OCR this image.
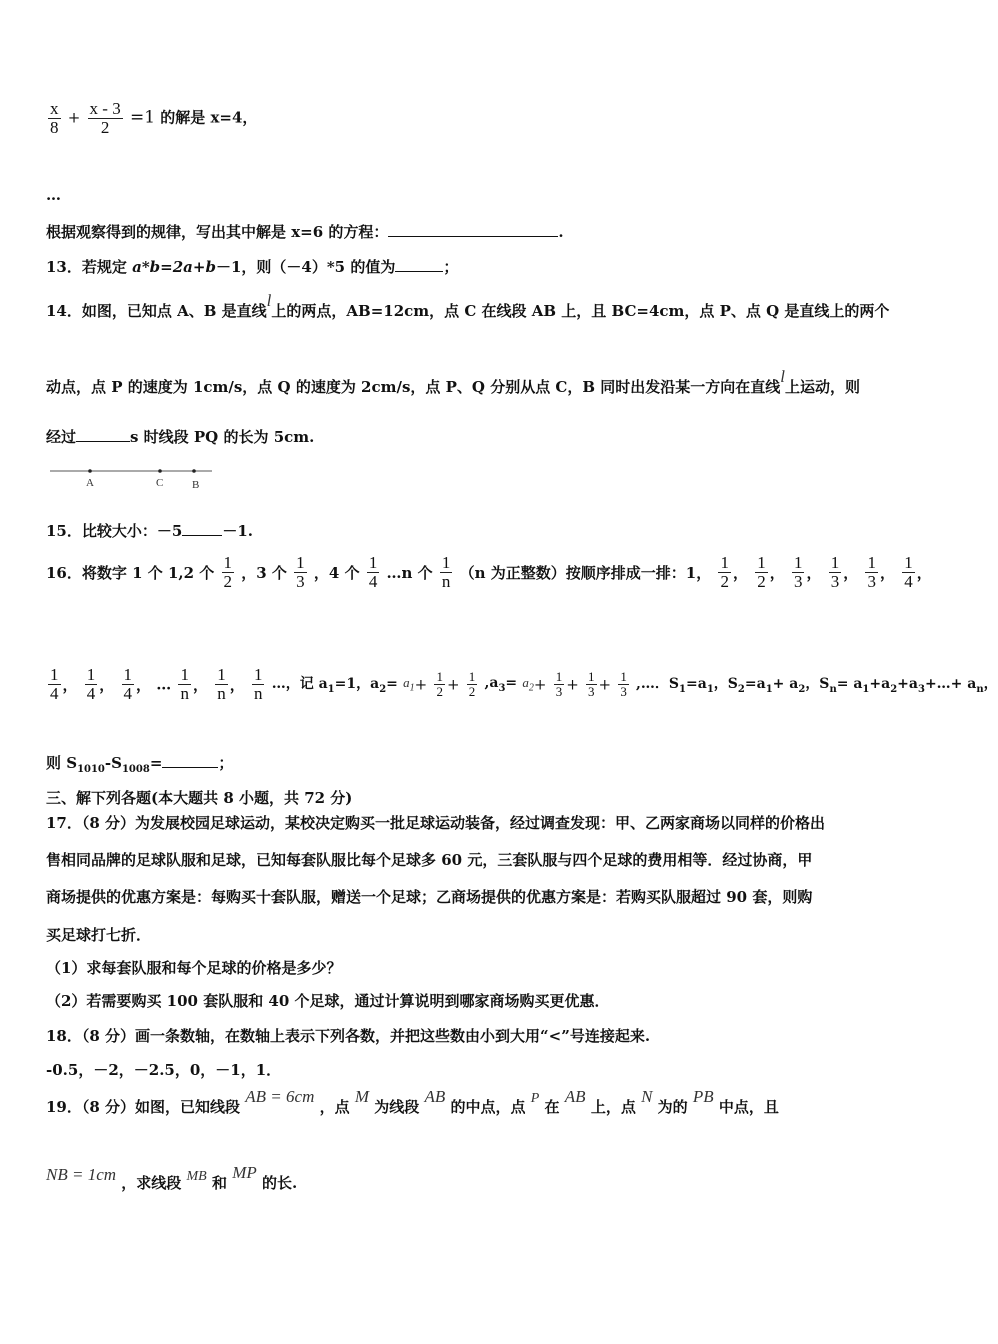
$\frac{x}{8} + \frac{x - 3}{2} =1$ 的解是 x=4，
…
根据观察得到的规律，写出其中解是 x=6 的方程：	.
13．若规定 a*b=2a+b－1，则（－4）*5 的值为	；
14．如图，已知点 A、B 是直线l上的两点，AB=12cm，点 C 在线段 AB 上，且 BC=4cm，点 P、点 Q 是直线上的两个
动点，点 P 的速度为 1cm/s，点 Q 的速度为 2cm/s，点 P、Q 分别从点 C，B 同时出发沿某一方向在直线l上运动，则
经过	s 时线段 PQ 的长为 5cm.
A	C	B
15．比较大小：－5	－1.
16．将数字 1 个 1,2 个 $\frac{1}{2}$ ，3 个 $\frac{1}{3}$ ，4 个 $\frac{1}{4}$ …n 个 $\frac{1}{n} (n$ 为正整数）按顺序排成一排：1， $\frac{1}{2}$ ， $\frac{1}{2}$ ， $\frac{1}{3}$ ， $\frac{1}{3}$ ， $\frac{1}{3}$ ， $\frac{1}{4}$ ，
$\frac{1}{4}$ ， $\frac{1}{4}$ ， $\frac{1}{4}$ ， … $\frac{1}{n}$ ， $\frac{1}{n}$ ， $\frac{1}{n}$ …，记 $a_1=1$，$a_2= a_1+ \frac{1}{2} + \frac{1}{2} ,a_3= a_2+ \frac{1}{3} + \frac{1}{3} + \frac{1}{3}$ ,…．$S_1=a_1$，$S_2=a_1+ a_2$，$S_n=$ $a_1+a_2+a_3+\dots+ a_n$，
则 $S_{1010}-S_{1008}=$	；
三、解下列各题(本大题共 8 小题，共 72 分)
17．（8 分）为发展校园足球运动，某校决定购买一批足球运动装备，经过调查发现：甲、乙两家商场以同样的价格出
售相同品牌的足球队服和足球，已知每套队服比每个足球多 60 元，三套队服与四个足球的费用相等．经过协商，甲
商场提供的优惠方案是：每购买十套队服，赠送一个足球；乙商场提供的优惠方案是：若购买队服超过 90 套，则购
买足球打七折．
（1）求每套队服和每个足球的价格是多少？
（2）若需要购买 100 套队服和 40 个足球，通过计算说明到哪家商场购买更优惠．
18．（8 分）画一条数轴，在数轴上表示下列各数，并把这些数由小到大用“<”号连接起来.
-0.5，－2，－2.5，0，－1，1．
19．（8 分）如图，已知线段 AB = 6cm ，点 M 为线段 AB 的中点，点 P 在 AB 上，点 N 为的 PB 中点，且
NB = 1cm ，求线段 MB 和 MP 的长.
